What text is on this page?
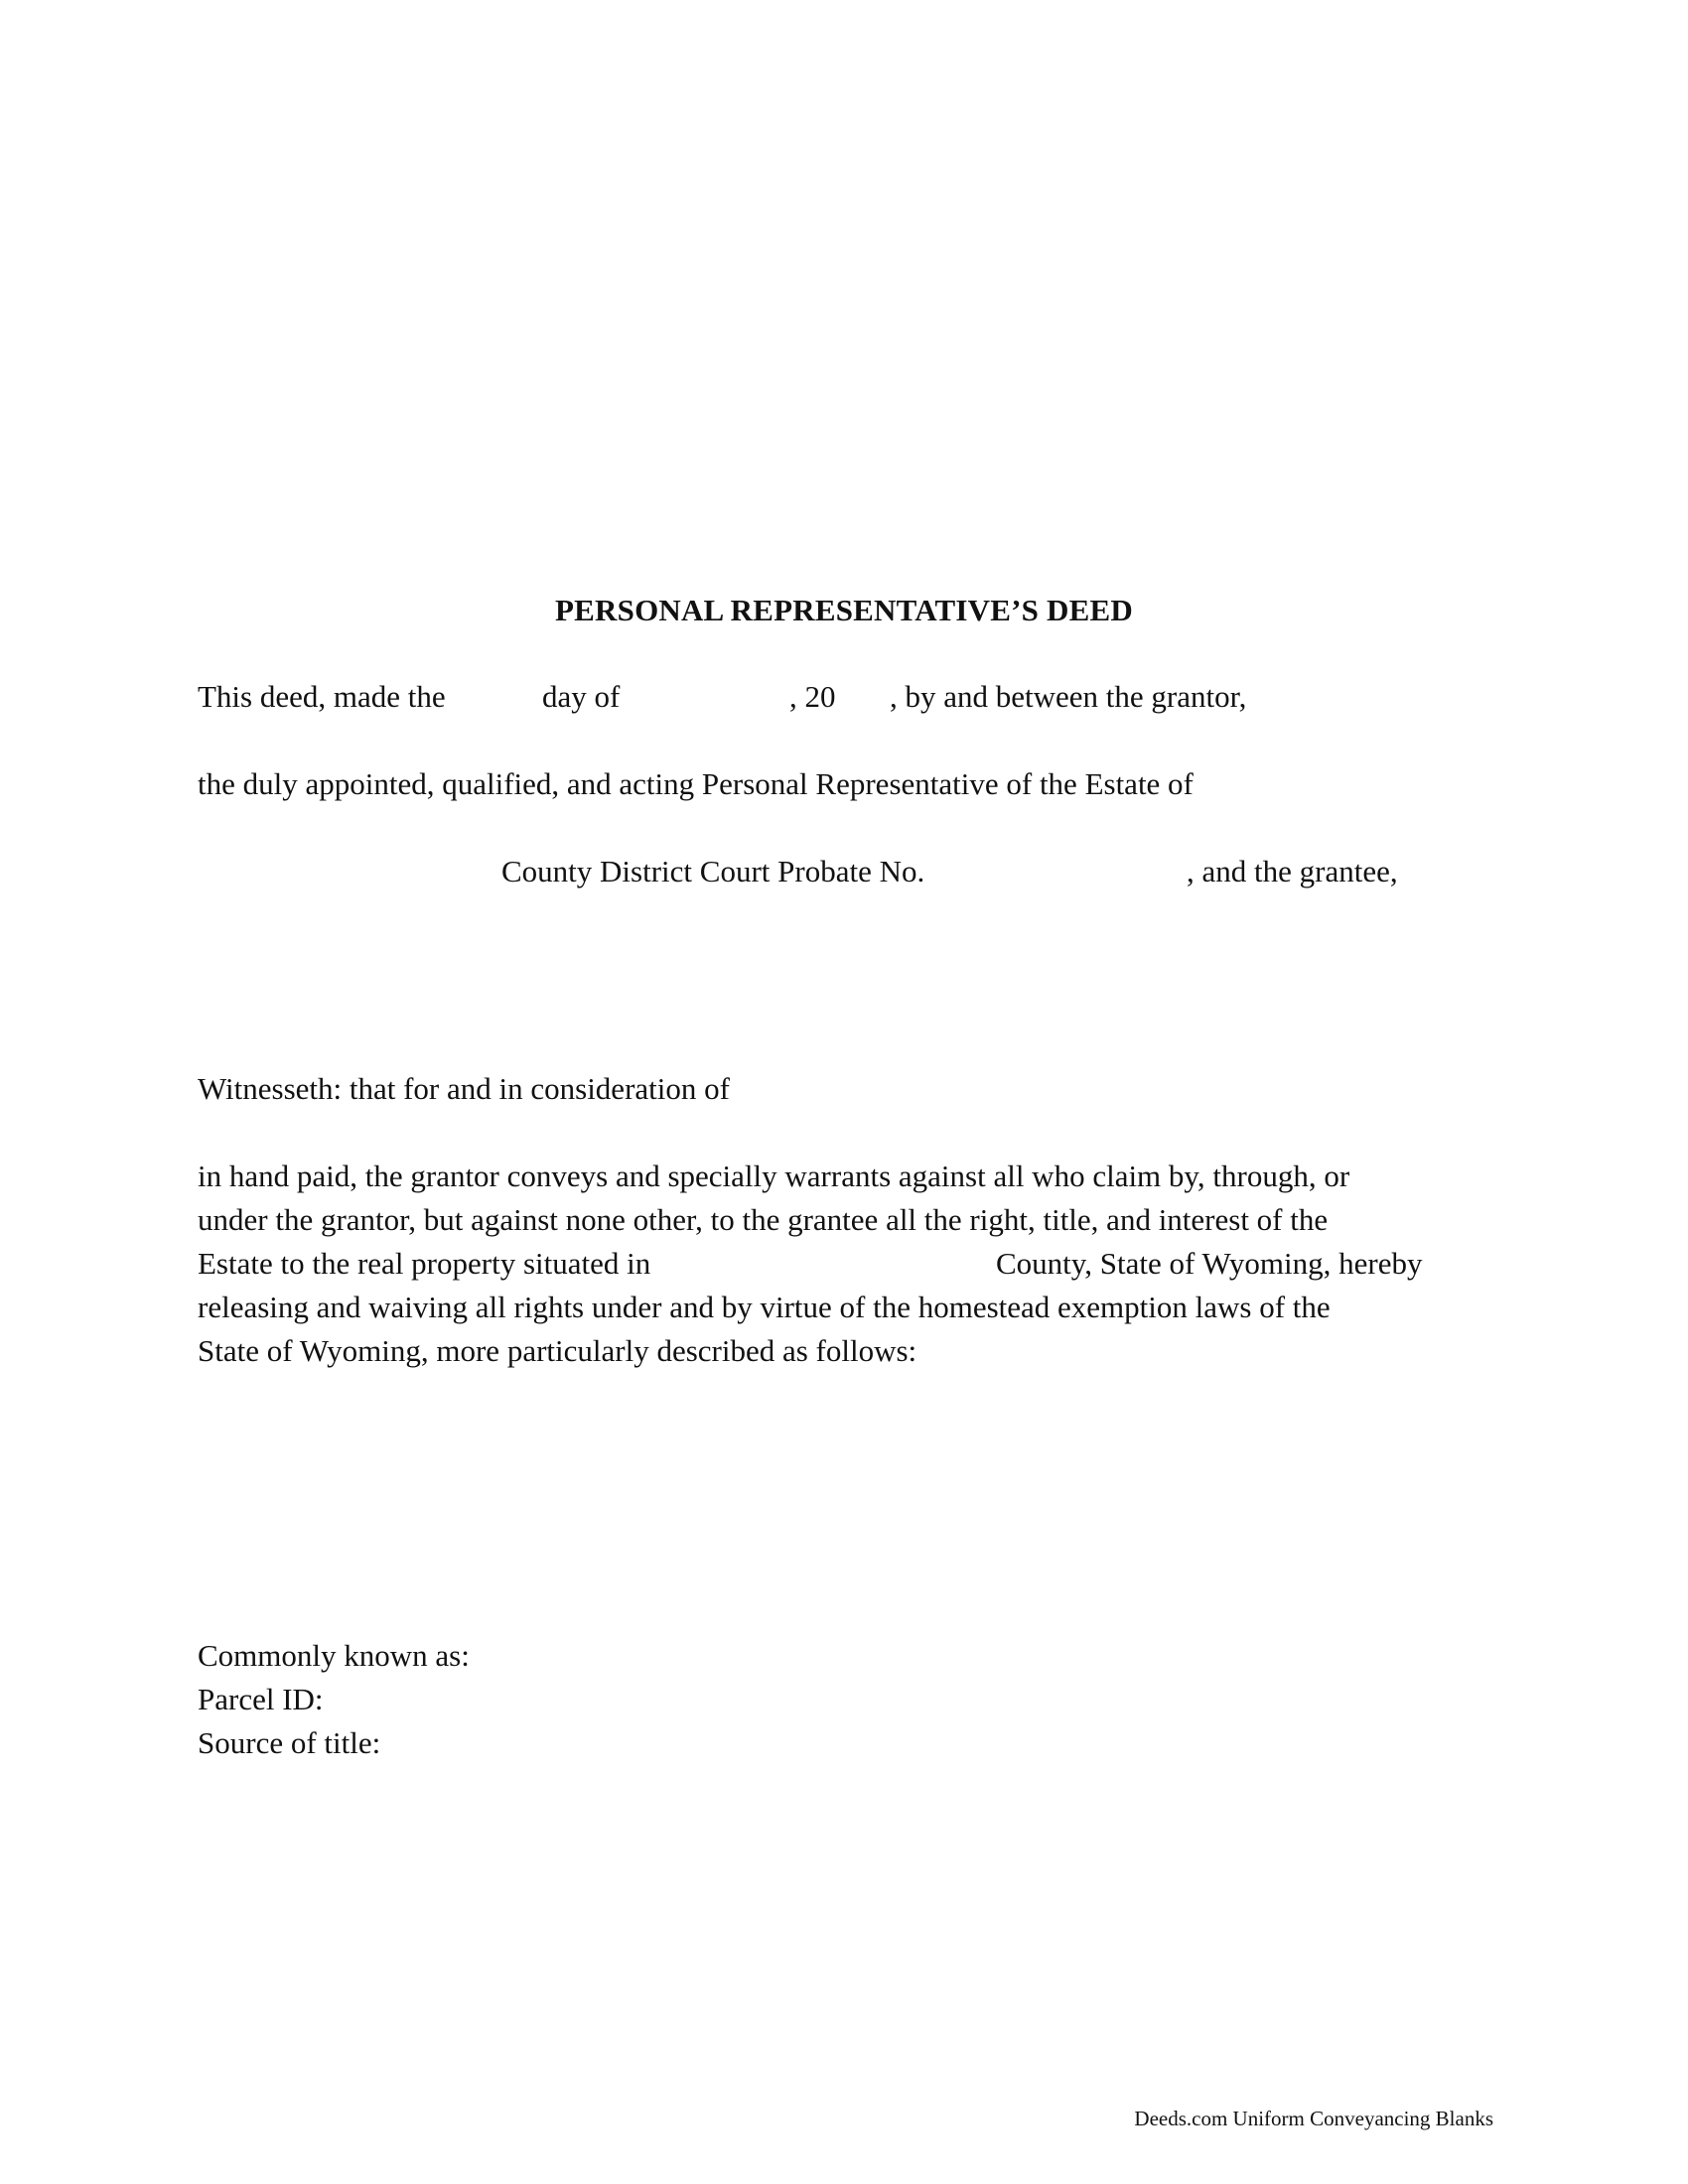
PERSONAL REPRESENTATIVE’S DEED
This deed, made the	day of	, 20 , by and between the grantor,
the duly appointed, qualified, and acting Personal Representative of the Estate of
County District Court Probate No.	, and the grantee,
Witnesseth: that for and in consideration of
in hand paid, the grantor conveys and specially warrants against all who claim by, through, or
under the grantor, but against none other, to the grantee all the right, title, and interest of the
Estate to the real property situated in	County, State of Wyoming, hereby
releasing and waiving all rights under and by virtue of the homestead exemption laws of the
State of Wyoming, more particularly described as follows:
Commonly known as:
Parcel ID:
Source of title:
Deeds.com Uniform Conveyancing Blanks
